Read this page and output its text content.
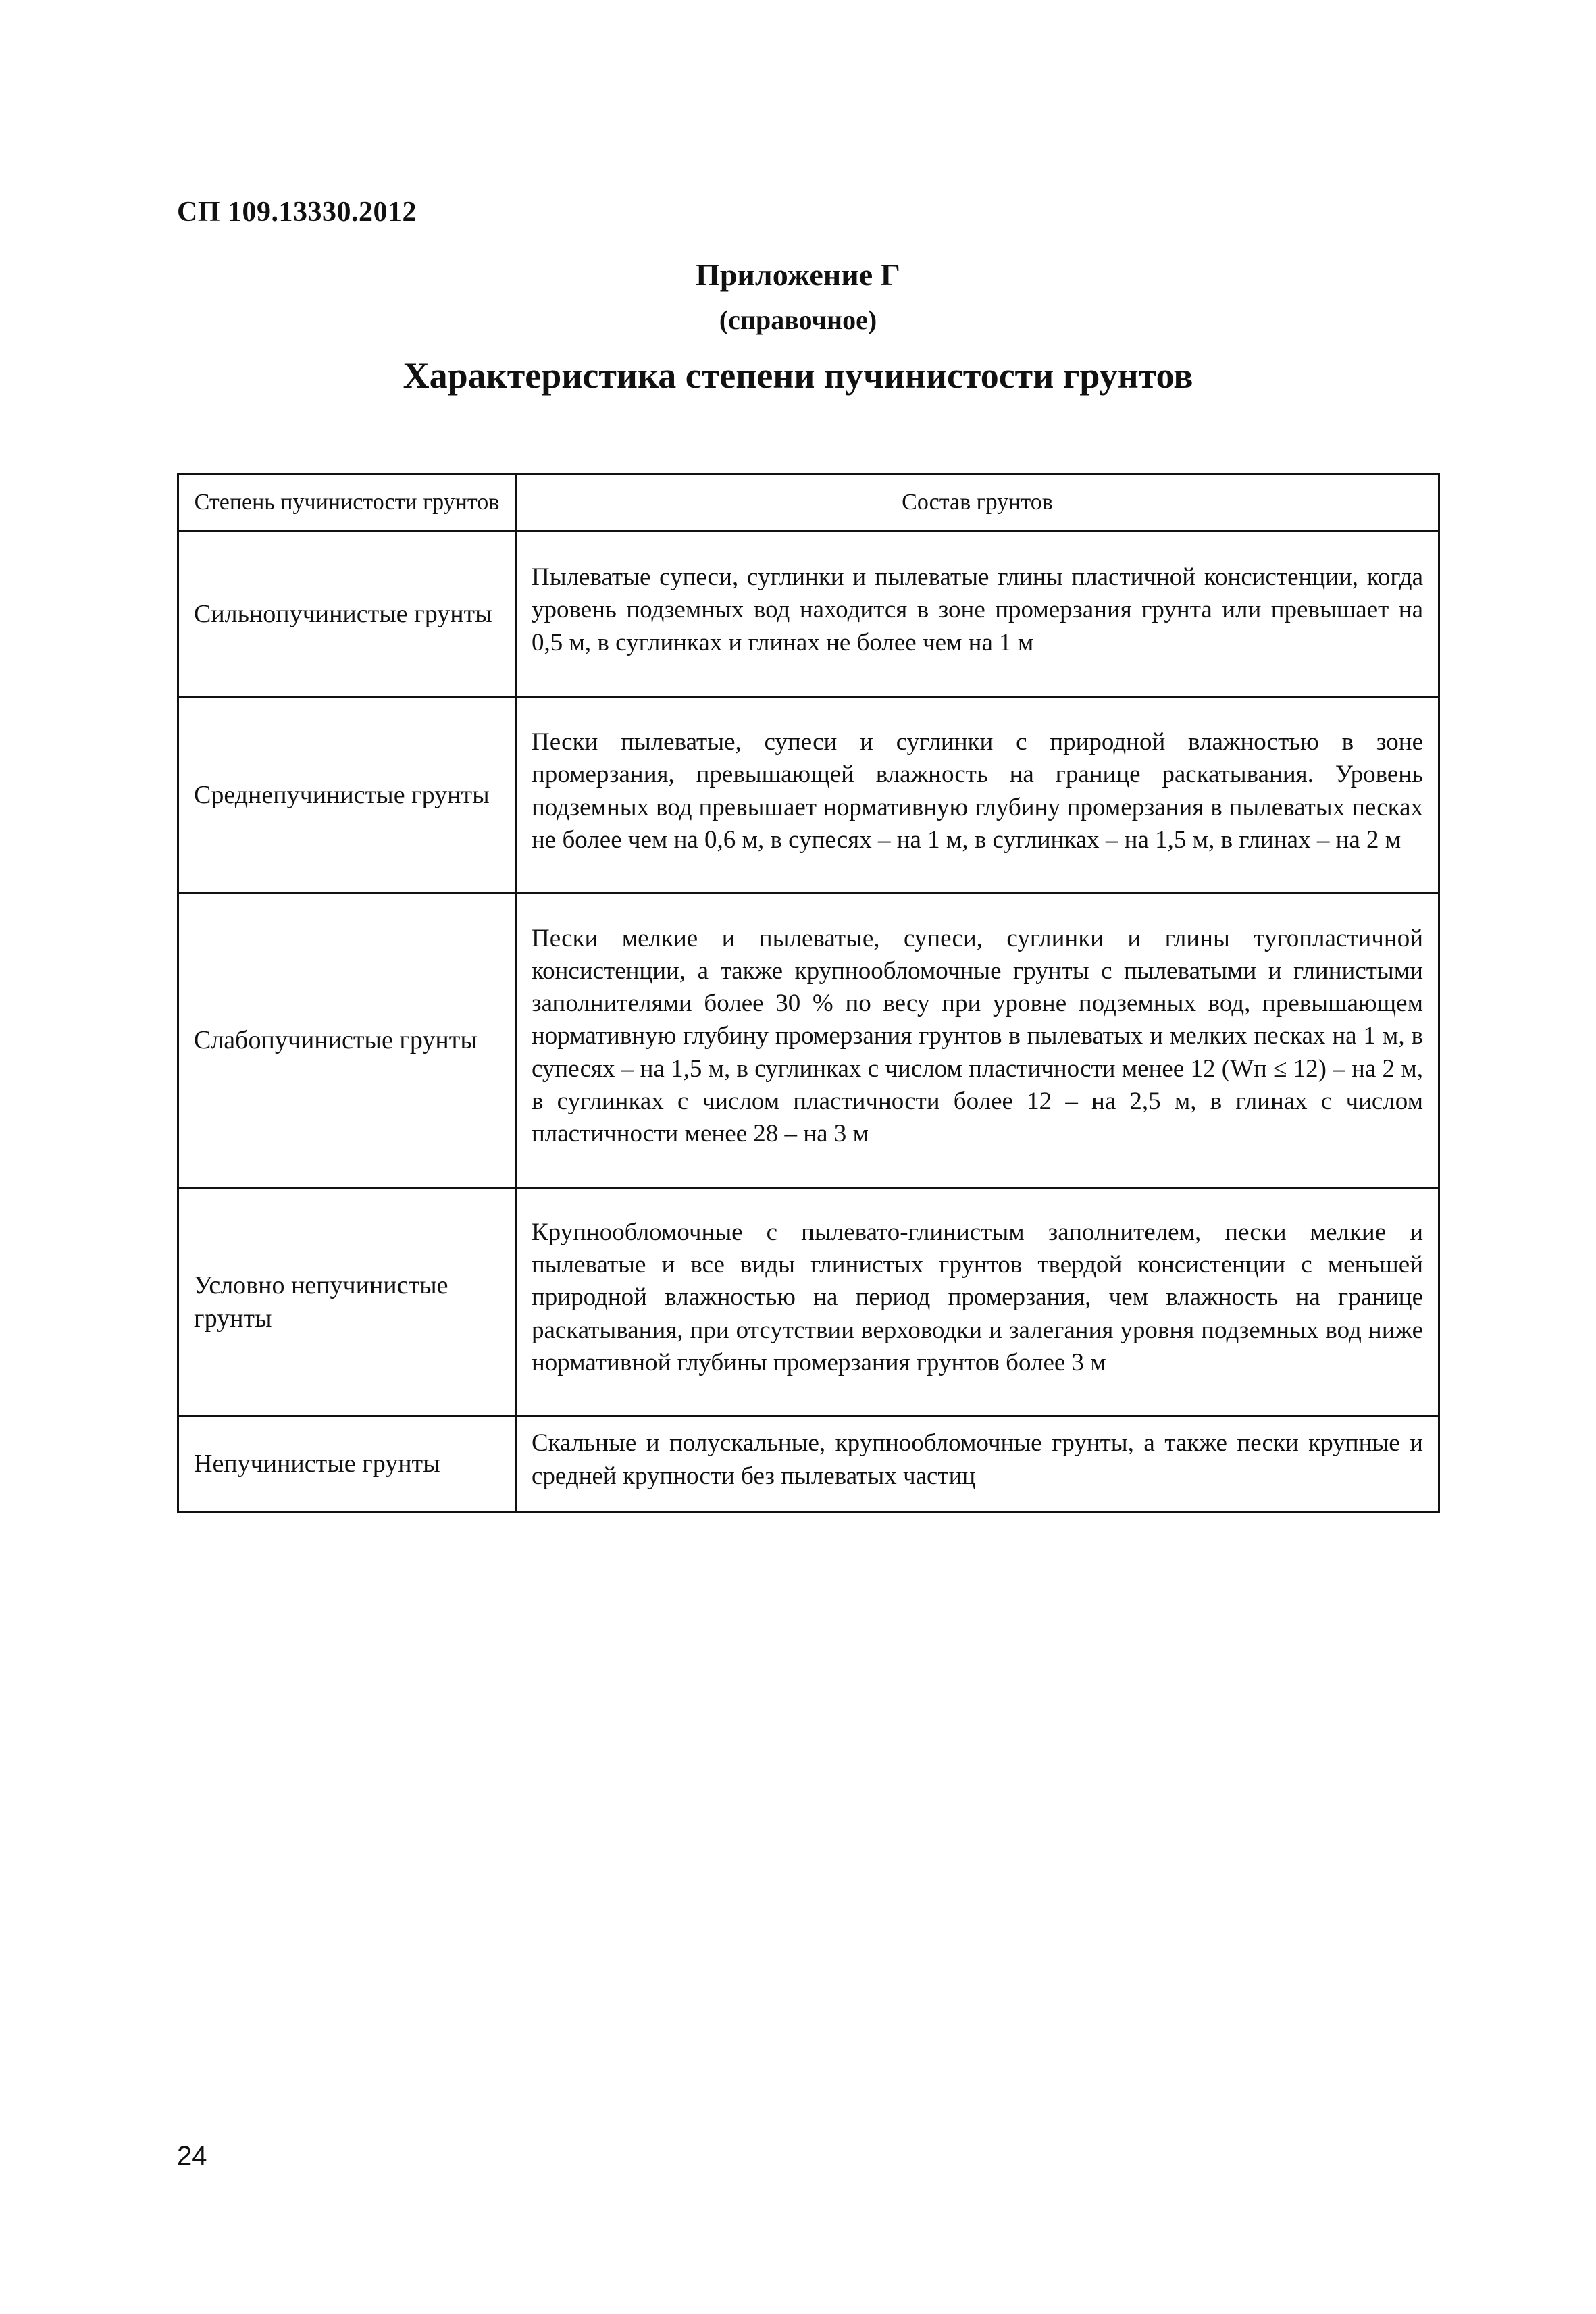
СП 109.13330.2012
Приложение Г
(справочное)
Характеристика степени пучинистости грунтов
Степень пучинистости грунтов	Состав грунтов
Сильнопучинистые грунты	Пылеватые супеси, суглинки и пылеватые глины пластичной консистенции, когда уровень подземных вод находится в зоне промерзания грунта или превышает на 0,5 м, в суглинках и глинах не более чем на 1 м
Среднепучинистые грунты	Пески пылеватые, супеси и суглинки с природной влажностью в зоне промерзания, превышающей влажность на границе раскатывания. Уровень подземных вод превышает нормативную глубину промерзания в пылеватых песках не более чем на 0,6 м, в супесях – на 1 м, в суглинках – на 1,5 м, в глинах – на 2 м
Слабопучинистые грунты	Пески мелкие и пылеватые, супеси, суглинки и глины тугопластичной консистенции, а также крупнообломочные грунты с пылеватыми и глинистыми заполнителями более 30 % по весу при уровне подземных вод, превышающем нормативную глубину промерзания грунтов в пылеватых и мелких песках на 1 м, в супесях – на 1,5 м, в суглинках с числом пластичности менее 12 (Wп ≤ 12) – на 2 м, в суглинках с числом пластичности более 12 – на 2,5 м, в глинах с числом пластичности менее 28 – на 3 м
Условно непучинистые грунты	Крупнообломочные с пылевато-глинистым заполнителем, пески мелкие и пылеватые и все виды глинистых грунтов твердой консистенции с меньшей природной влажностью на период промерзания, чем влажность на границе раскатывания, при отсутствии верховодки и залегания уровня подземных вод ниже нормативной глубины промерзания грунтов более 3 м
Непучинистые грунты	Скальные и полускальные, крупнообломочные грунты, а также пески крупные и средней крупности без пылеватых частиц
24
